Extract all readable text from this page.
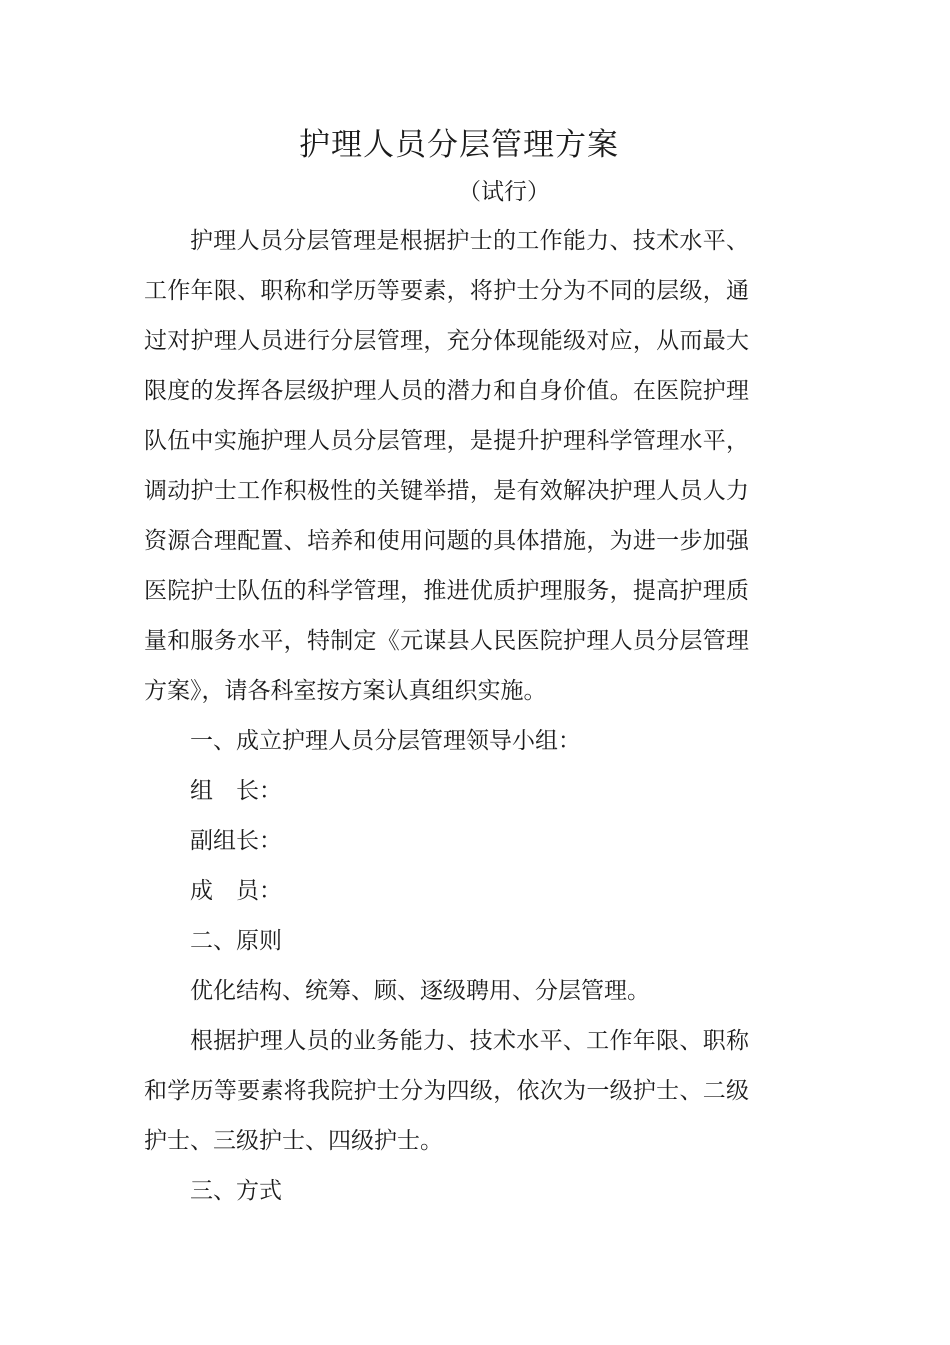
护理人员分层管理方案
（试行）

护理人员分层管理是根据护士的工作能力、技术水平、工作年限、职称和学历等要素，将护士分为不同的层级，通过对护理人员进行分层管理，充分体现能级对应，从而最大限度的发挥各层级护理人员的潜力和自身价值。在医院护理队伍中实施护理人员分层管理，是提升护理科学管理水平，调动护士工作积极性的关键举措，是有效解决护理人员人力资源合理配置、培养和使用问题的具体措施，为进一步加强医院护士队伍的科学管理，推进优质护理服务，提高护理质量和服务水平，特制定《元谋县人民医院护理人员分层管理方案》，请各科室按方案认真组织实施。

一、成立护理人员分层管理领导小组：

组　长：

副组长：

成　员：

二、原则

优化结构、统筹、顾、逐级聘用、分层管理。

根据护理人员的业务能力、技术水平、工作年限、职称和学历等要素将我院护士分为四级，依次为一级护士、二级护士、三级护士、四级护士。

三、方式
